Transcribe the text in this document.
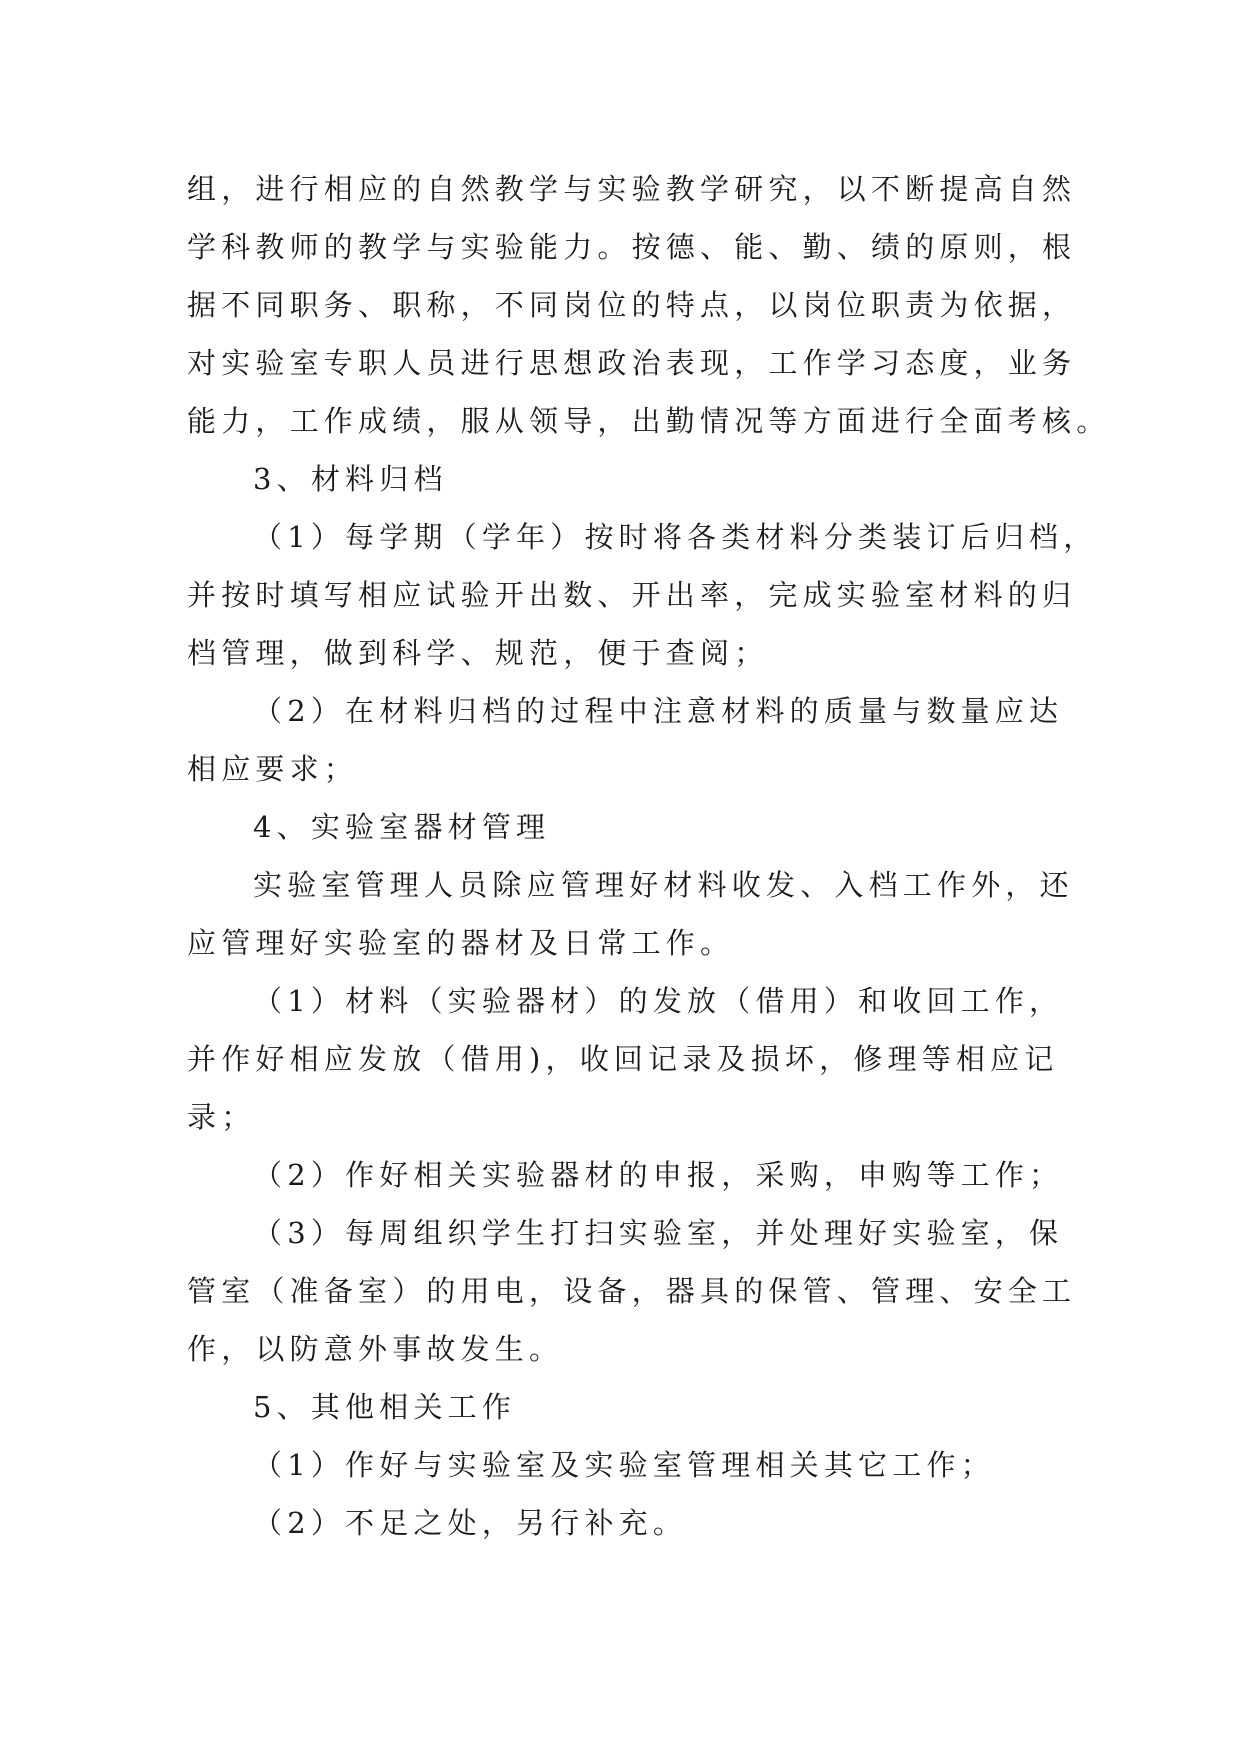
组，进行相应的自然教学与实验教学研究，以不断提高自然
学科教师的教学与实验能力。按德、能、勤、绩的原则，根
据不同职务、职称，不同岗位的特点，以岗位职责为依据，
对实验室专职人员进行思想政治表现，工作学习态度，业务
能力，工作成绩，服从领导，出勤情况等方面进行全面考核。
3、材料归档
（1）每学期（学年）按时将各类材料分类装订后归档，
并按时填写相应试验开出数、开出率，完成实验室材料的归
档管理，做到科学、规范，便于查阅；
（2）在材料归档的过程中注意材料的质量与数量应达
相应要求；
4、实验室器材管理
实验室管理人员除应管理好材料收发、入档工作外，还
应管理好实验室的器材及日常工作。
（1）材料（实验器材）的发放（借用）和收回工作，
并作好相应发放（借用)，收回记录及损坏，修理等相应记
录；
（2）作好相关实验器材的申报，采购，申购等工作；
（3）每周组织学生打扫实验室，并处理好实验室，保
管室（准备室）的用电，设备，器具的保管、管理、安全工
作，以防意外事故发生。
5、其他相关工作
（1）作好与实验室及实验室管理相关其它工作；
（2）不足之处，另行补充。
